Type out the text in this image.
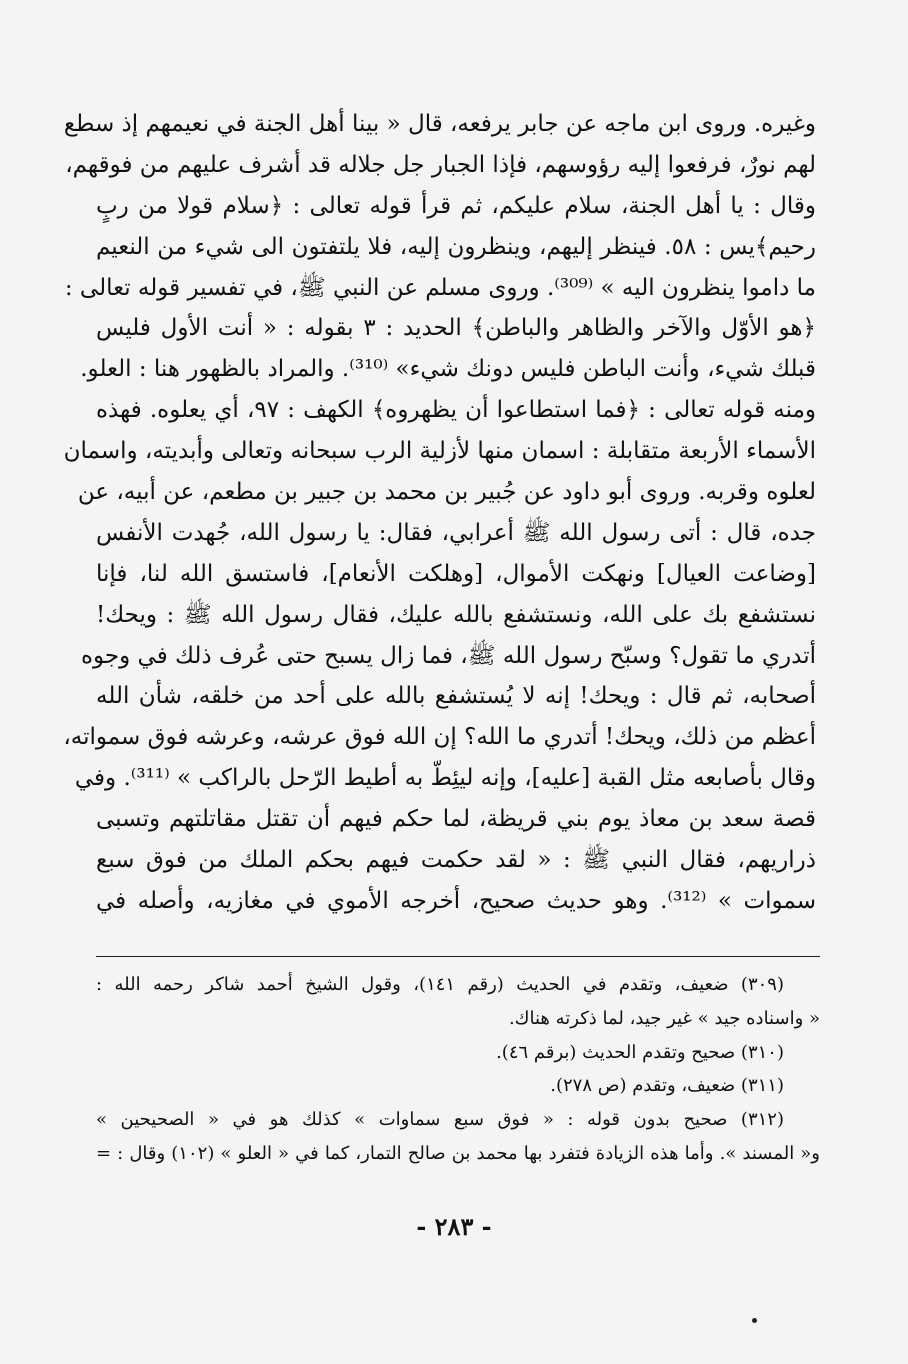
وغيره. وروى ابن ماجه عن جابر يرفعه، قال « بينا أهل الجنة في نعيمهم إذ سطع
لهم نورٌ، فرفعوا إليه رؤوسهم، فإذا الجبار جل جلاله قد أشرف عليهم من فوقهم،
وقال : يا أهل الجنة، سلام عليكم، ثم قرأ قوله تعالى : ﴿سلام قولا من ربٍ
رحيم﴾يس : ٥٨. فينظر إليهم، وينظرون إليه، فلا يلتفتون الى شيء من النعيم
ما داموا ينظرون اليه » ⁽³⁰⁹⁾. وروى مسلم عن النبي ﷺ، في تفسير قوله تعالى :
﴿هو الأوّل والآخر والظاهر والباطن﴾ الحديد : ٣ بقوله : « أنت الأول فليس
قبلك شيء، وأنت الباطن فليس دونك شيء» ⁽³¹⁰⁾. والمراد بالظهور هنا : العلو.
ومنه قوله تعالى : ﴿فما استطاعوا أن يظهروه﴾ الكهف : ٩٧، أي يعلوه. فهذه
الأسماء الأربعة متقابلة : اسمان منها لأزلية الرب سبحانه وتعالى وأبديته، واسمان
لعلوه وقربه. وروى أبو داود عن جُبير بن محمد بن جبير بن مطعم، عن أبيه، عن
جده، قال : أتى رسول الله ﷺ أعرابي، فقال: يا رسول الله، جُهدت الأنفس
[وضاعت العيال] ونهكت الأموال، [وهلكت الأنعام]، فاستسق الله لنا، فإنا
نستشفع بك على الله، ونستشفع بالله عليك، فقال رسول الله ﷺ : ويحك!
أتدري ما تقول؟ وسبّح رسول الله ﷺ، فما زال يسبح حتى عُرف ذلك في وجوه
أصحابه، ثم قال : ويحك! إنه لا يُستشفع بالله على أحد من خلقه، شأن الله
أعظم من ذلك، ويحك! أتدري ما الله؟ إن الله فوق عرشه، وعرشه فوق سمواته،
وقال بأصابعه مثل القبة [عليه]، وإنه ليئِطّ به أطيط الرّحل بالراكب » ⁽³¹¹⁾. وفي
قصة سعد بن معاذ يوم بني قريظة، لما حكم فيهم أن تقتل مقاتلتهم وتسبى
ذراريهم، فقال النبي ﷺ : « لقد حكمت فيهم بحكم الملك من فوق سبع
سموات » ⁽³¹²⁾. وهو حديث صحيح، أخرجه الأموي في مغازيه، وأصله في
(٣٠٩) ضعيف، وتقدم في الحديث (رقم ١٤١)، وقول الشيخ أحمد شاكر رحمه الله :
« واسناده جيد » غير جيد، لما ذكرته هناك.
(٣١٠) صحيح وتقدم الحديث (برقم ٤٦).
(٣١١) ضعيف، وتقدم (ص ٢٧٨).
(٣١٢) صحيح بدون قوله : « فوق سبع سماوات » كذلك هو في « الصحيحين »
و« المسند ». وأما هذه الزيادة فتفرد بها محمد بن صالح التمار، كما في « العلو » (١٠٢) وقال : =
- ٢٨٣ -
